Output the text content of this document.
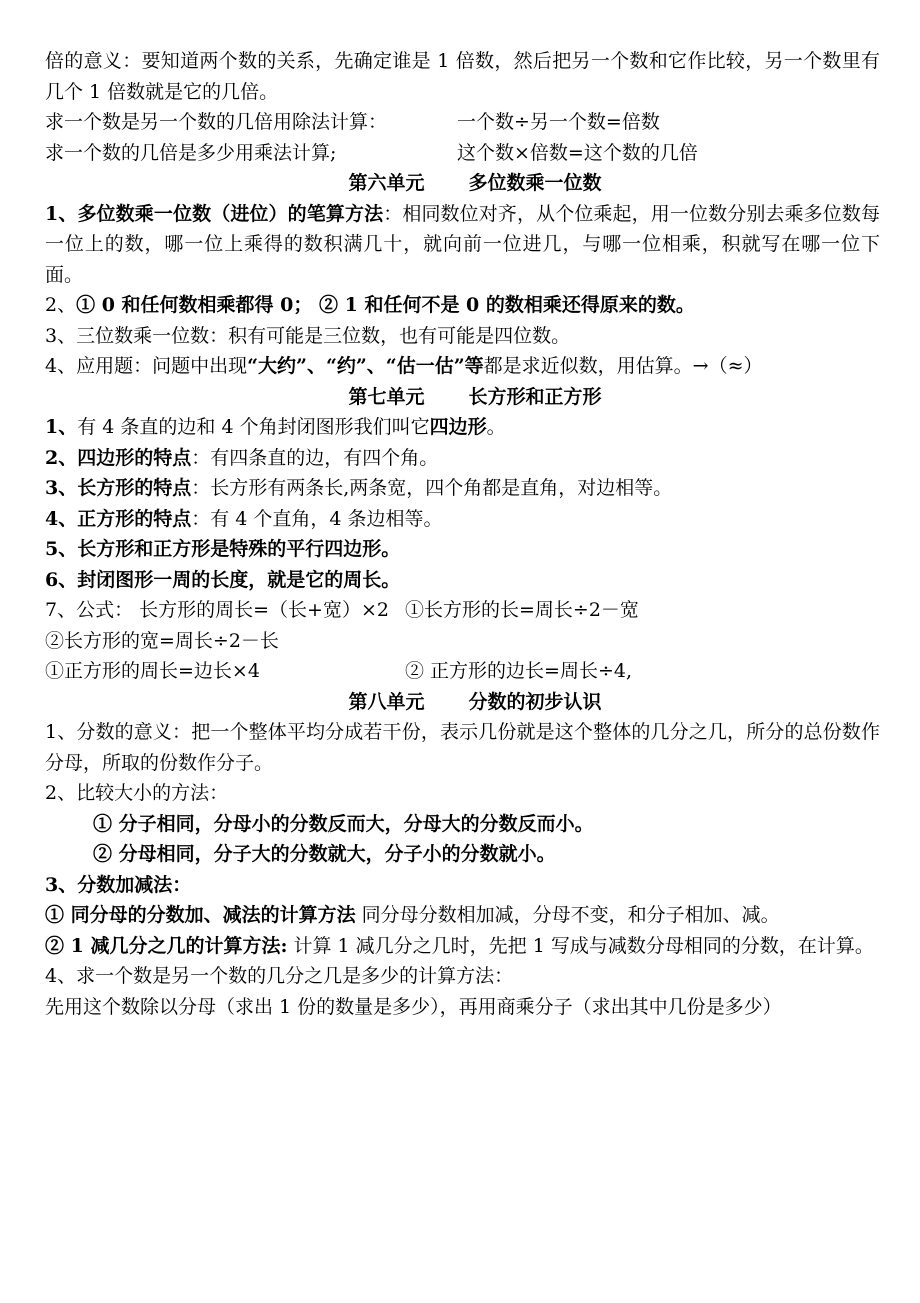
倍的意义：要知道两个数的关系，先确定谁是 1 倍数，然后把另一个数和它作比较，另一个数里有几个 1 倍数就是它的几倍。
求一个数是另一个数的几倍用除法计算：	一个数÷另一个数=倍数
求一个数的几倍是多少用乘法计算;	这个数×倍数=这个数的几倍
第六单元 多位数乘一位数
1、多位数乘一位数（进位）的笔算方法：相同数位对齐，从个位乘起，用一位数分别去乘多位数每一位上的数，哪一位上乘得的数积满几十，就向前一位进几，与哪一位相乘，积就写在哪一位下面。
2、① 0 和任何数相乘都得 0； ② 1 和任何不是 0 的数相乘还得原来的数。
3、三位数乘一位数：积有可能是三位数，也有可能是四位数。
4、应用题：问题中出现“大约”、“约”、“估一估”等都是求近似数，用估算。→（≈）
第七单元 长方形和正方形
1、有 4 条直的边和 4 个角封闭图形我们叫它四边形。
2、四边形的特点：有四条直的边，有四个角。
3、长方形的特点：长方形有两条长,两条宽，四个角都是直角，对边相等。
4、正方形的特点：有 4 个直角，4 条边相等。
5、长方形和正方形是特殊的平行四边形。
6、封闭图形一周的长度，就是它的周长。
7、公式： 长方形的周长=（长+宽）×2 ①长方形的长=周长÷2－宽
②长方形的宽=周长÷2－长
①正方形的周长=边长×4	② 正方形的边长=周长÷4,
第八单元 分数的初步认识
1、分数的意义：把一个整体平均分成若干份，表示几份就是这个整体的几分之几，所分的总份数作分母，所取的份数作分子。
2、比较大小的方法：
① 分子相同，分母小的分数反而大，分母大的分数反而小。
② 分母相同，分子大的分数就大，分子小的分数就小。
3、分数加减法：
① 同分母的分数加、减法的计算方法 同分母分数相加减，分母不变，和分子相加、减。
② 1 减几分之几的计算方法: 计算 1 减几分之几时，先把 1 写成与减数分母相同的分数，在计算。
4、求一个数是另一个数的几分之几是多少的计算方法：
先用这个数除以分母（求出 1 份的数量是多少），再用商乘分子（求出其中几份是多少）
